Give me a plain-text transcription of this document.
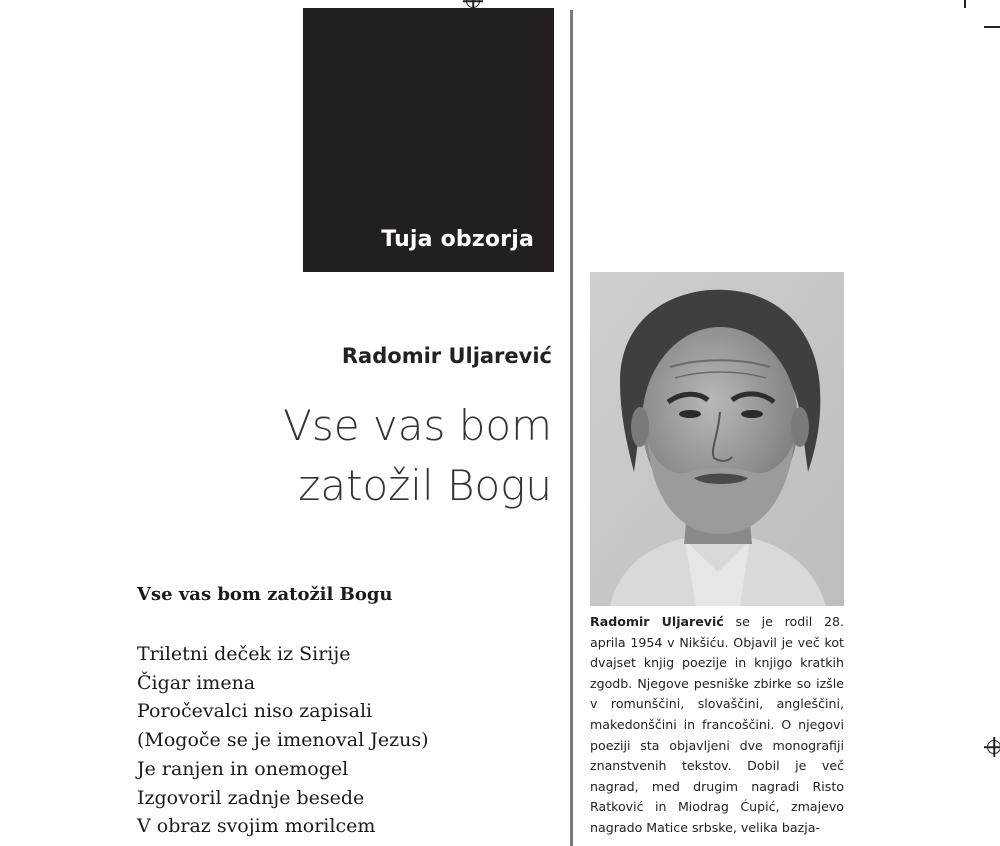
Tuja obzorja
Radomir Uljarević
Vse vas bom
zatožil Bogu
Vse vas bom zatožil Bogu
Triletni deček iz Sirije
Čigar imena
Poročevalci niso zapisali
(Mogoče se je imenoval Jezus)
Je ranjen in onemogel
Izgovoril zadnje besede
V obraz svojim morilcem

Radomir Uljarević se je rodil 28. aprila 1954 v Nikšiću. Objavil je več kot dvajset knjig poezije in knjigo kratkih zgodb. Njegove pesniške zbirke so izšle v romunščini, slovaščini, angleščini, makedonščini in francoščini. O njegovi poeziji sta objavljeni dve monografiji znanstvenih tekstov. Dobil je več nagrad, med drugim nagradi Risto Ratković in Miodrag Ćupić, zmajevo nagrado Matice srbske, velika bazja-
